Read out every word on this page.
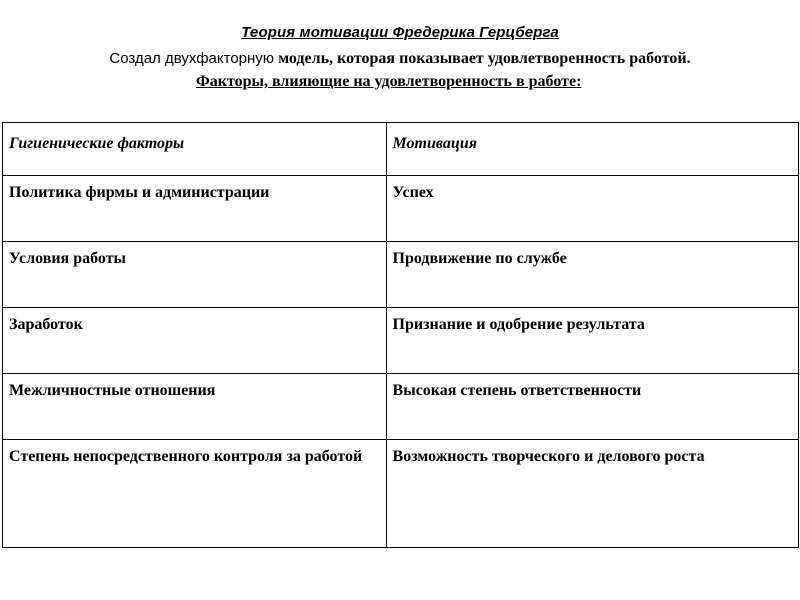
Теория мотивации Фредерика Герцберга
Создал двухфакторную модель, которая показывает удовлетворенность работой.
Факторы, влияющие на удовлетворенность в работе:
Гигиенические факторы	Мотивация
Политика фирмы и администрации	Успех
Условия работы	Продвижение по службе
Заработок	Признание и одобрение результата
Межличностные отношения	Высокая степень ответственности
Степень непосредственного контроля за работой	Возможность творческого и делового роста
